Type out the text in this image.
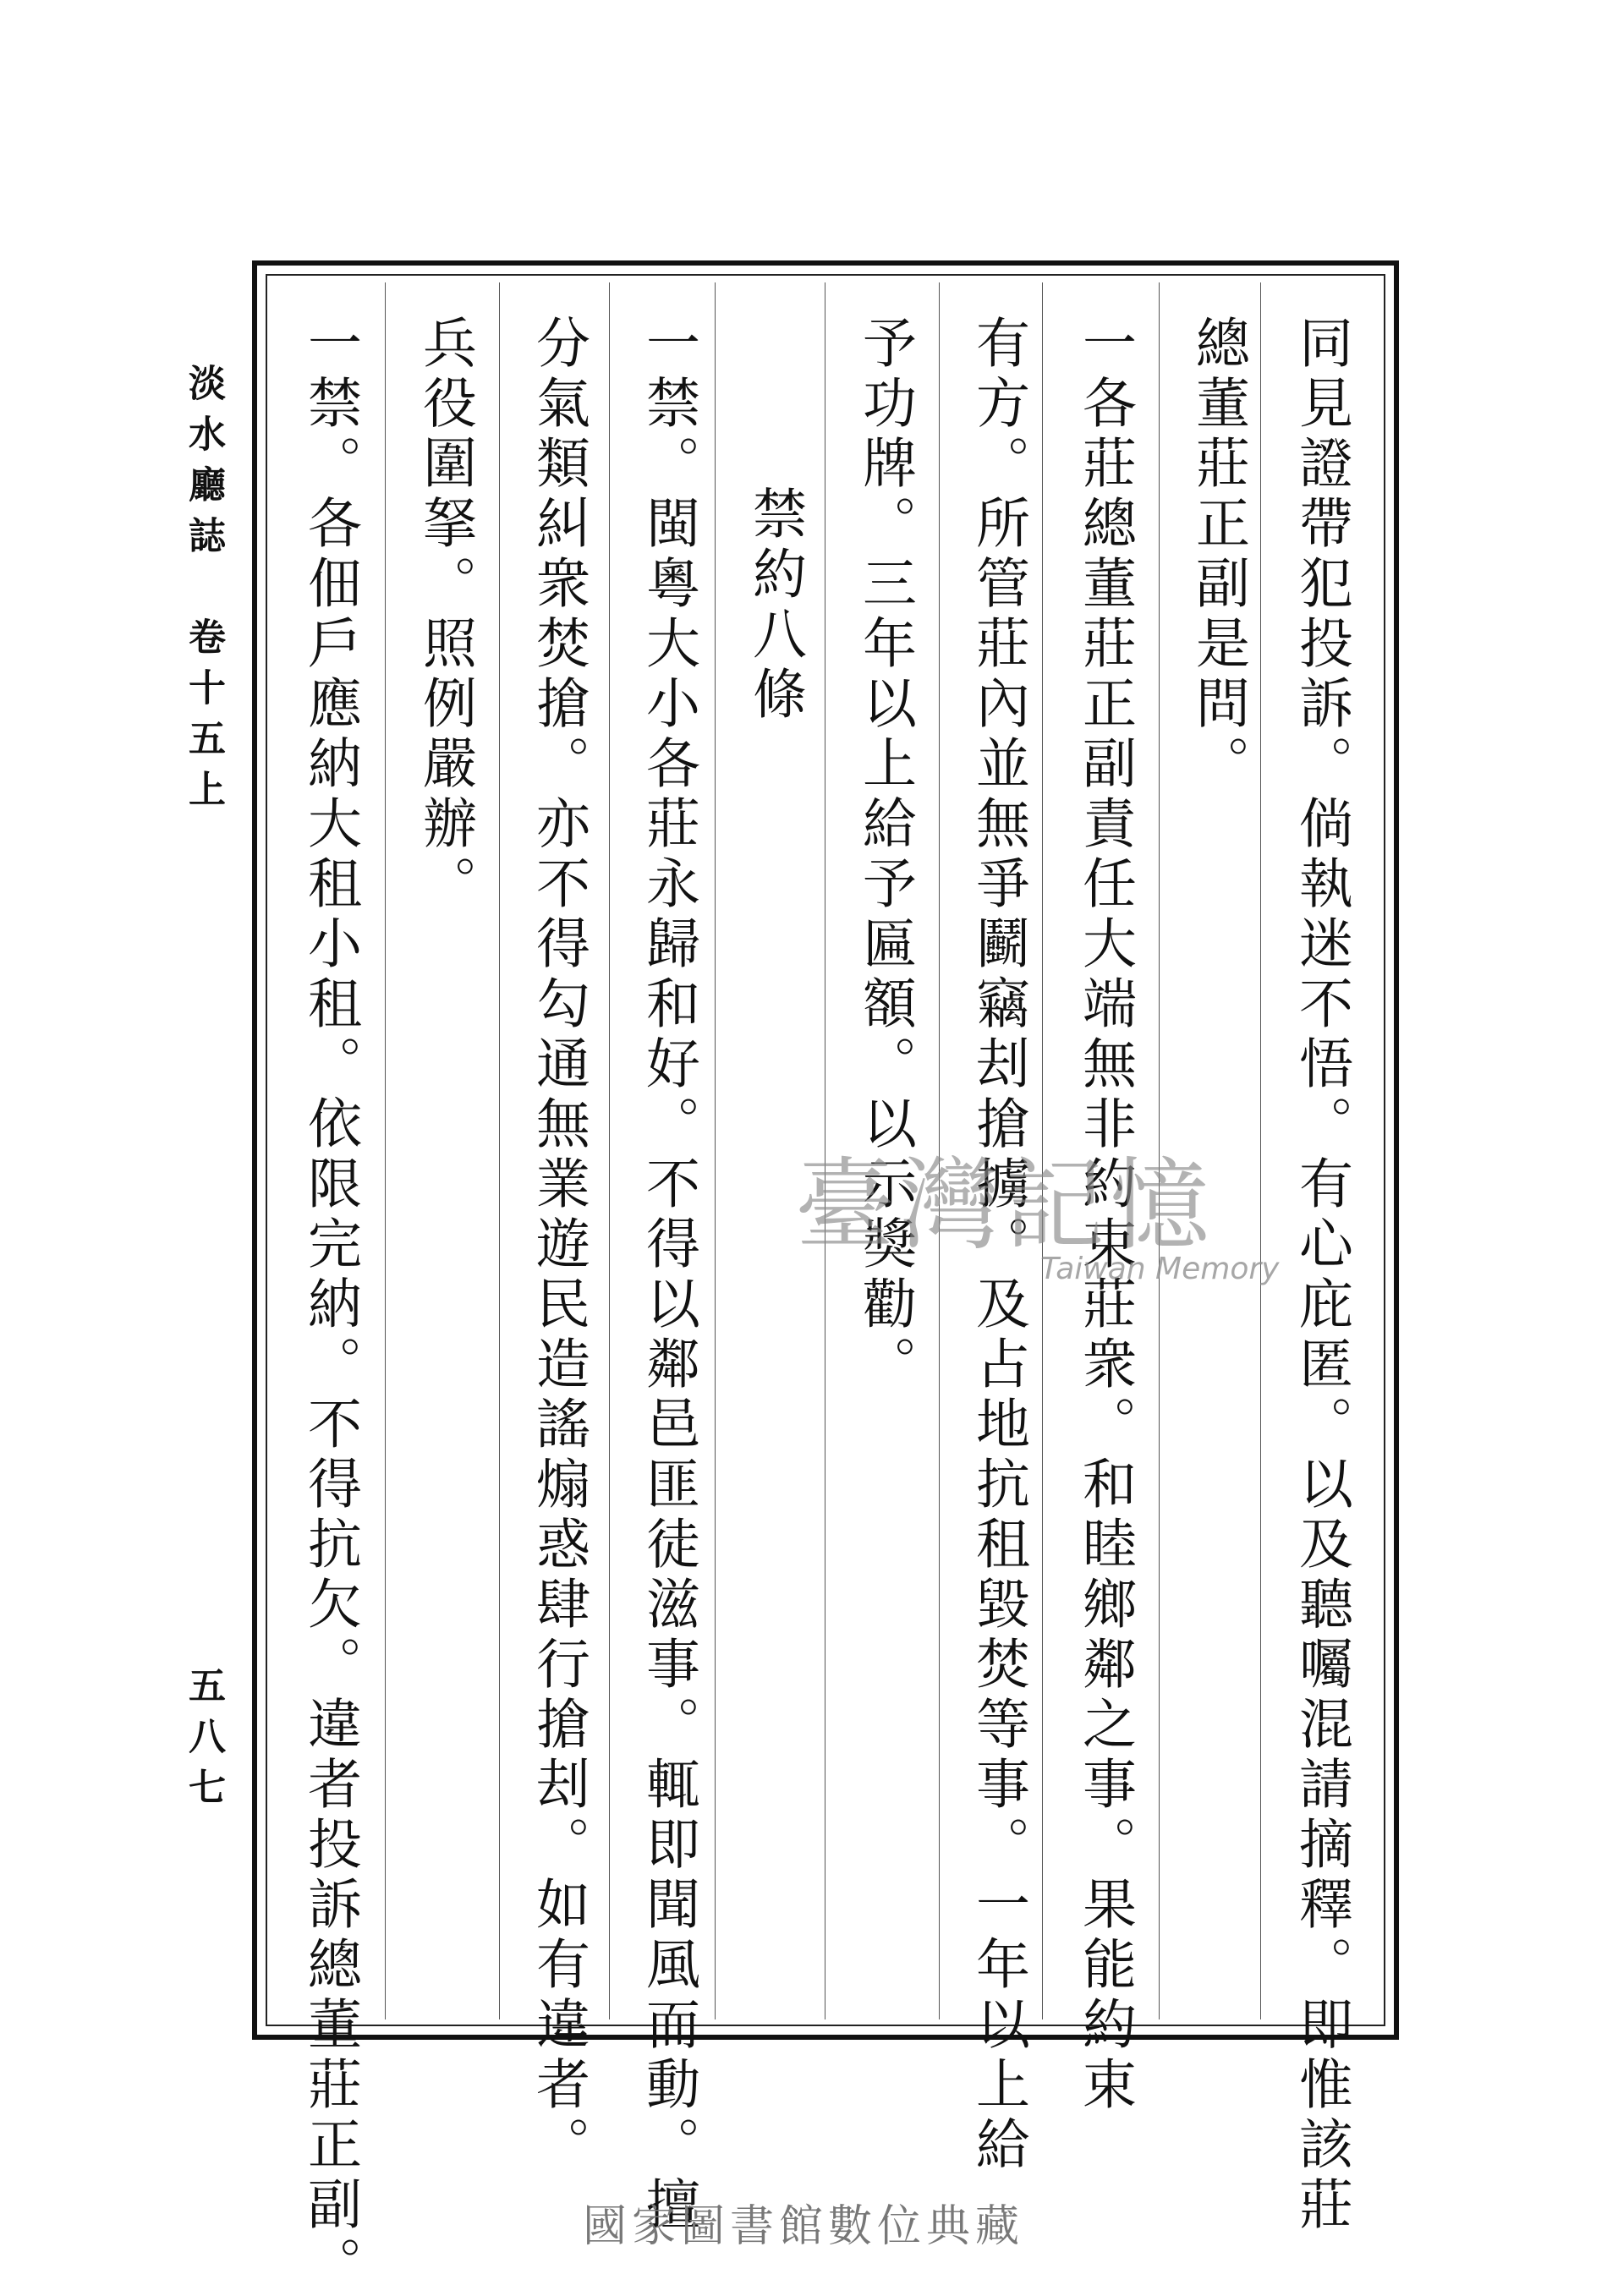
同見證帶犯投訴。倘執迷不悟。有心庇匿。以及聽囑混請摘釋。即惟該莊
總董莊正副是問。
一各莊總董莊正副責任大端無非約束莊衆。和睦鄉鄰之事。果能約束
有方。所管莊內並無爭鬬竊刦搶擄。及占地抗租毀焚等事。一年以上給
予功牌。三年以上給予匾額。以示獎勸。
禁約八條
一禁。閩粵大小各莊永歸和好。不得以鄰邑匪徒滋事。輒即聞風而動。擅
分氣類糾衆焚搶。亦不得勾通無業遊民造謠煽惑肆行搶刦。如有違者。
兵役圍拏。照例嚴辦。
一禁。各佃戶應納大租小租。依限完納。不得抗欠。違者投訴總董莊正副。
淡水廳誌
卷十五上
五八七
臺灣記憶
Taiwan Memory
國家圖書館數位典藏
